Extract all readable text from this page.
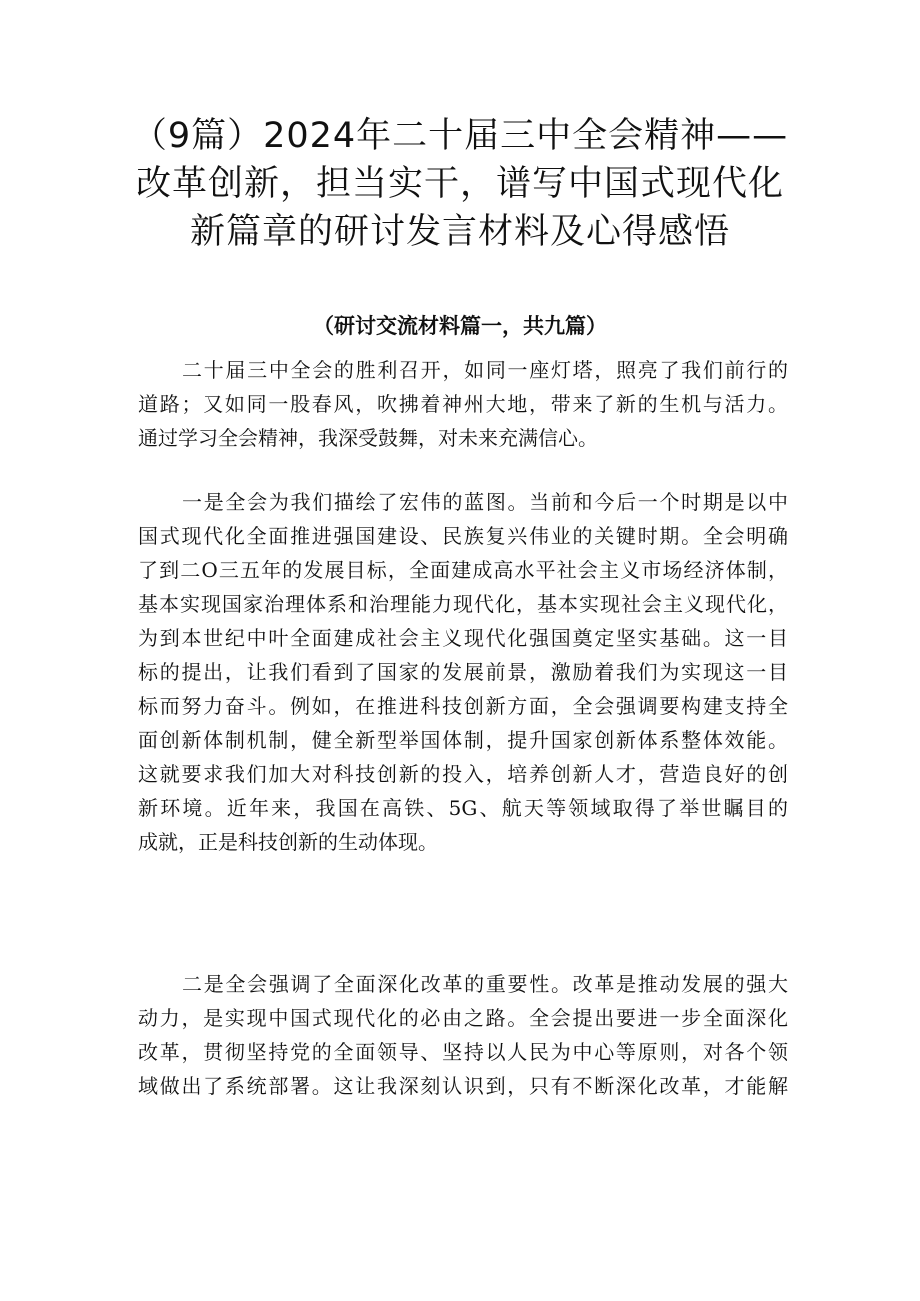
（9篇）2024年二十届三中全会精神——
改革创新，担当实干，谱写中国式现代化
新篇章的研讨发言材料及心得感悟
（研讨交流材料篇一，共九篇）
二十届三中全会的胜利召开，如同一座灯塔，照亮了我们前行的
道路；又如同一股春风，吹拂着神州大地，带来了新的生机与活力。
通过学习全会精神，我深受鼓舞，对未来充满信心。
一是全会为我们描绘了宏伟的蓝图。当前和今后一个时期是以中
国式现代化全面推进强国建设、民族复兴伟业的关键时期。全会明确
了到二O三五年的发展目标，全面建成高水平社会主义市场经济体制，
基本实现国家治理体系和治理能力现代化，基本实现社会主义现代化，
为到本世纪中叶全面建成社会主义现代化强国奠定坚实基础。这一目
标的提出，让我们看到了国家的发展前景，激励着我们为实现这一目
标而努力奋斗。例如，在推进科技创新方面，全会强调要构建支持全
面创新体制机制，健全新型举国体制，提升国家创新体系整体效能。
这就要求我们加大对科技创新的投入，培养创新人才，营造良好的创
新环境。近年来，我国在高铁、5G、航天等领域取得了举世瞩目的
成就，正是科技创新的生动体现。
二是全会强调了全面深化改革的重要性。改革是推动发展的强大
动力，是实现中国式现代化的必由之路。全会提出要进一步全面深化
改革，贯彻坚持党的全面领导、坚持以人民为中心等原则，对各个领
域做出了系统部署。这让我深刻认识到，只有不断深化改革，才能解
